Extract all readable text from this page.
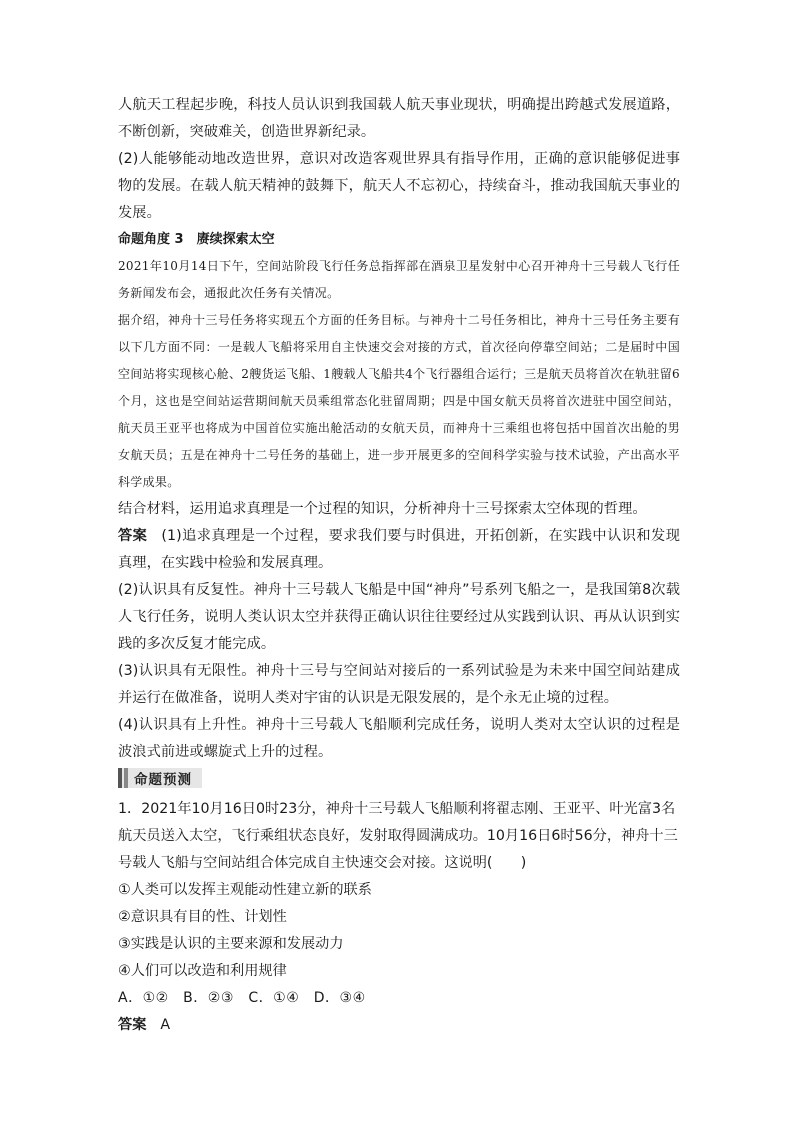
人航天工程起步晚，科技人员认识到我国载人航天事业现状，明确提出跨越式发展道路，不断创新，突破难关，创造世界新纪录。

(2)人能够能动地改造世界，意识对改造客观世界具有指导作用，正确的意识能够促进事物的发展。在载人航天精神的鼓舞下，航天人不忘初心，持续奋斗，推动我国航天事业的发展。

命题角度 3　 赓续探索太空

2021年10月14日下午，空间站阶段飞行任务总指挥部在酒泉卫星发射中心召开神舟十三号载人飞行任务新闻发布会，通报此次任务有关情况。

据介绍，神舟十三号任务将实现五个方面的任务目标。与神舟十二号任务相比，神舟十三号任务主要有以下几方面不同：一是载人飞船将采用自主快速交会对接的方式，首次径向停靠空间站；二是届时中国空间站将实现核心舱、2艘货运飞船、1艘载人飞船共4个飞行器组合运行；三是航天员将首次在轨驻留6个月，这也是空间站运营期间航天员乘组常态化驻留周期；四是中国女航天员将首次进驻中国空间站，航天员王亚平也将成为中国首位实施出舱活动的女航天员，而神舟十三乘组也将包括中国首次出舱的男女航天员；五是在神舟十二号任务的基础上，进一步开展更多的空间科学实验与技术试验，产出高水平科学成果。

结合材料，运用追求真理是一个过程的知识，分析神舟十三号探索太空体现的哲理。

答案 (1)追求真理是一个过程，要求我们要与时俱进，开拓创新，在实践中认识和发现真理，在实践中检验和发展真理。

(2)认识具有反复性。神舟十三号载人飞船是中国“神舟”号系列飞船之一，是我国第8次载人飞行任务，说明人类认识太空并获得正确认识往往要经过从实践到认识、再从认识到实践的多次反复才能完成。

(3)认识具有无限性。神舟十三号与空间站对接后的一系列试验是为未来中国空间站建成并运行在做准备，说明人类对宇宙的认识是无限发展的，是个永无止境的过程。

(4)认识具有上升性。神舟十三号载人飞船顺利完成任务，说明人类对太空认识的过程是波浪式前进或螺旋式上升的过程。

命题预测

1．2021年10月16日0时23分，神舟十三号载人飞船顺利将翟志刚、王亚平、叶光富3名航天员送入太空，飞行乘组状态良好，发射取得圆满成功。10月16日6时56分，神舟十三号载人飞船与空间站组合体完成自主快速交会对接。这说明(　　)

①人类可以发挥主观能动性建立新的联系

②意识具有目的性、计划性

③实践是认识的主要来源和发展动力

④人们可以改造和利用规律

A．①②　B．②③　C．①④　D．③④

答案 A
